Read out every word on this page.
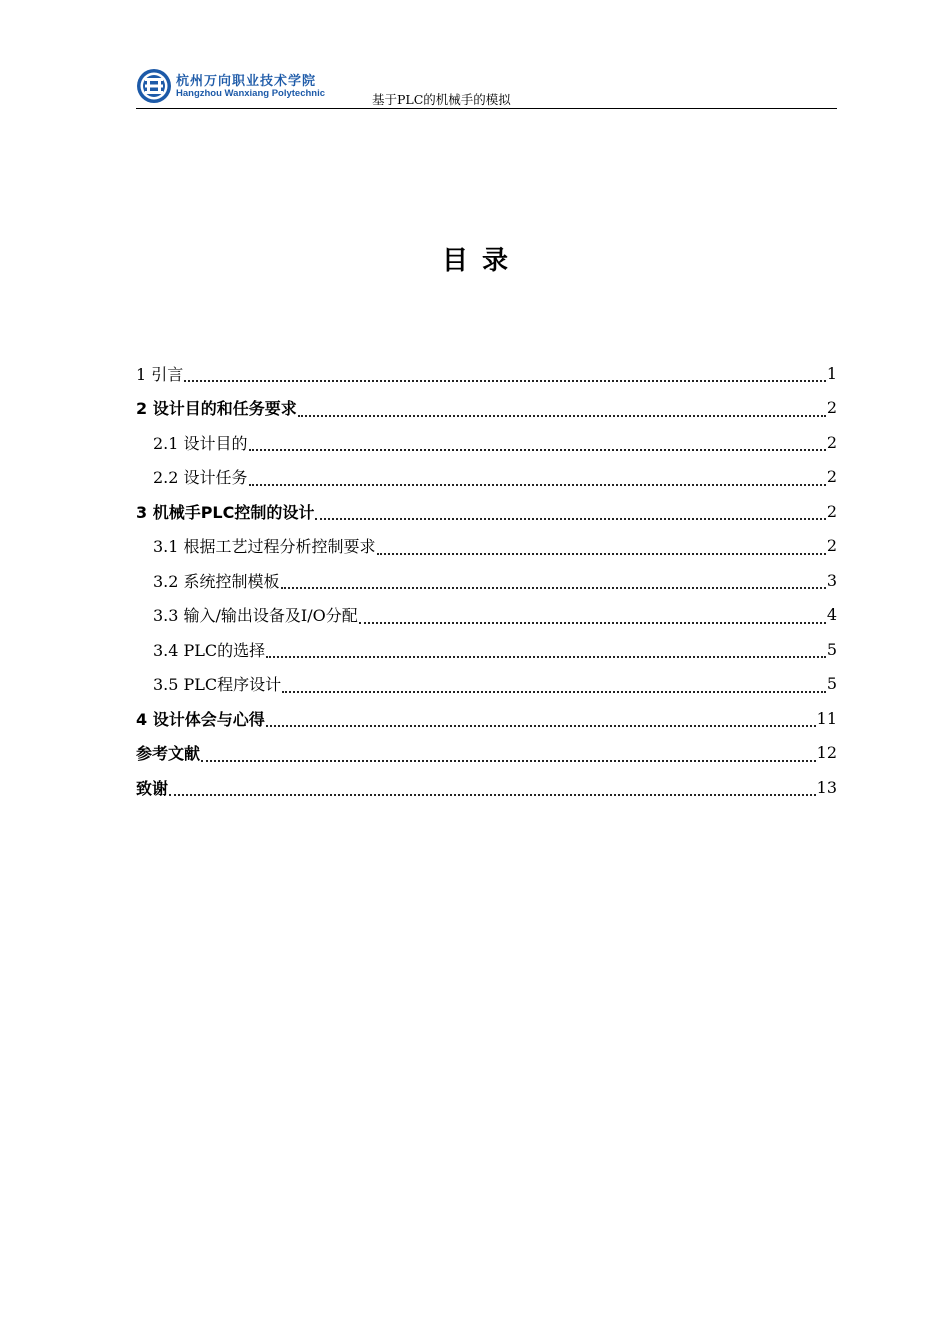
杭州万向职业技术学院
Hangzhou Wanxiang Polytechnic	基于PLC的机械手的模拟
目录
1 引言	1
2 设计目的和任务要求	2
2.1 设计目的	2
2.2 设计任务	2
3 机械手PLC控制的设计	2
3.1 根据工艺过程分析控制要求	2
3.2 系统控制模板	3
3.3 输入/输出设备及I/O分配	4
3.4 PLC的选择	5
3.5 PLC程序设计	5
4 设计体会与心得	11
参考文献	12
致谢	13
